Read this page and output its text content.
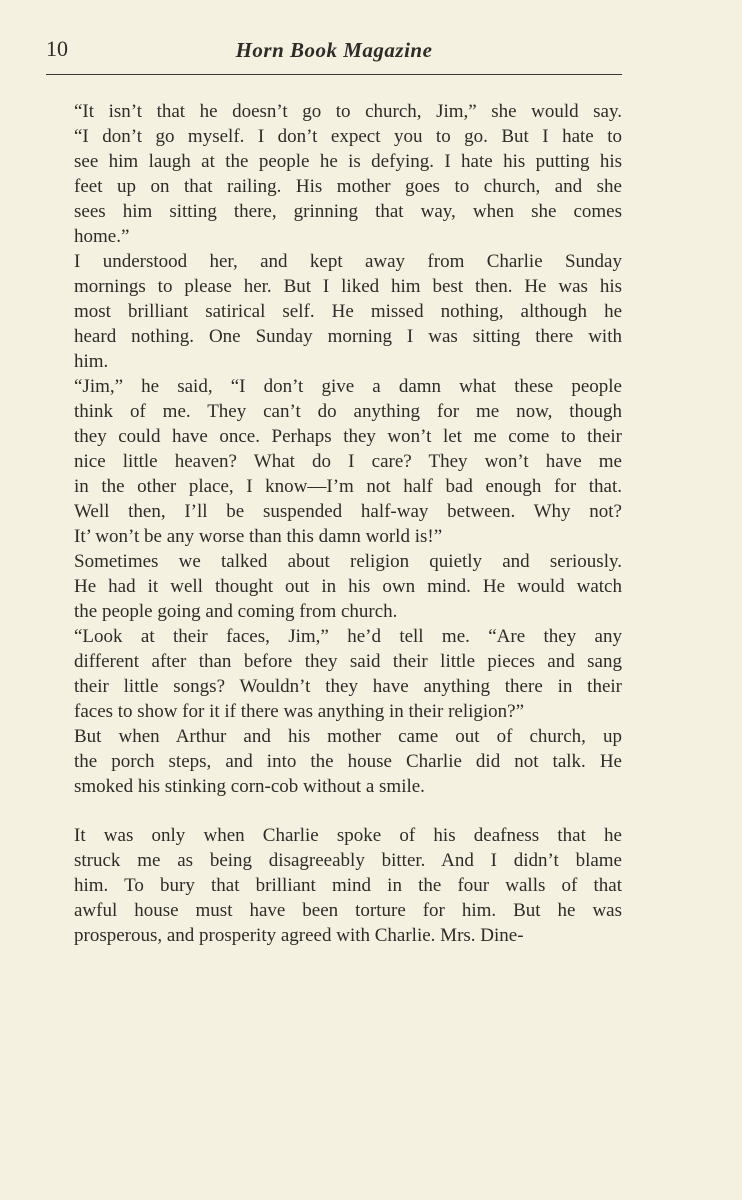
10	Horn Book Magazine

“It isn’t that he doesn’t go to church, Jim,” she would say.
“I don’t go myself. I don’t expect you to go. But I hate to
see him laugh at the people he is defying. I hate his putting his
feet up on that railing. His mother goes to church, and she
sees him sitting there, grinning that way, when she comes
home.”

I understood her, and kept away from Charlie Sunday
mornings to please her. But I liked him best then. He was his
most brilliant satirical self. He missed nothing, although he
heard nothing. One Sunday morning I was sitting there with
him.

“Jim,” he said, “I don’t give a damn what these people
think of me. They can’t do anything for me now, though
they could have once. Perhaps they won’t let me come to their
nice little heaven? What do I care? They won’t have me
in the other place, I know—I’m not half bad enough for that.
Well then, I’ll be suspended half-way between. Why not?
It’ won’t be any worse than this damn world is!”

Sometimes we talked about religion quietly and seriously.
He had it well thought out in his own mind. He would watch
the people going and coming from church.

“Look at their faces, Jim,” he’d tell me. “Are they any
different after than before they said their little pieces and sang
their little songs? Wouldn’t they have anything there in their
faces to show for it if there was anything in their religion?”

But when Arthur and his mother came out of church, up
the porch steps, and into the house Charlie did not talk. He
smoked his stinking corn-cob without a smile.

It was only when Charlie spoke of his deafness that he
struck me as being disagreeably bitter. And I didn’t blame
him. To bury that brilliant mind in the four walls of that
awful house must have been torture for him. But he was
prosperous, and prosperity agreed with Charlie. Mrs. Dine-
